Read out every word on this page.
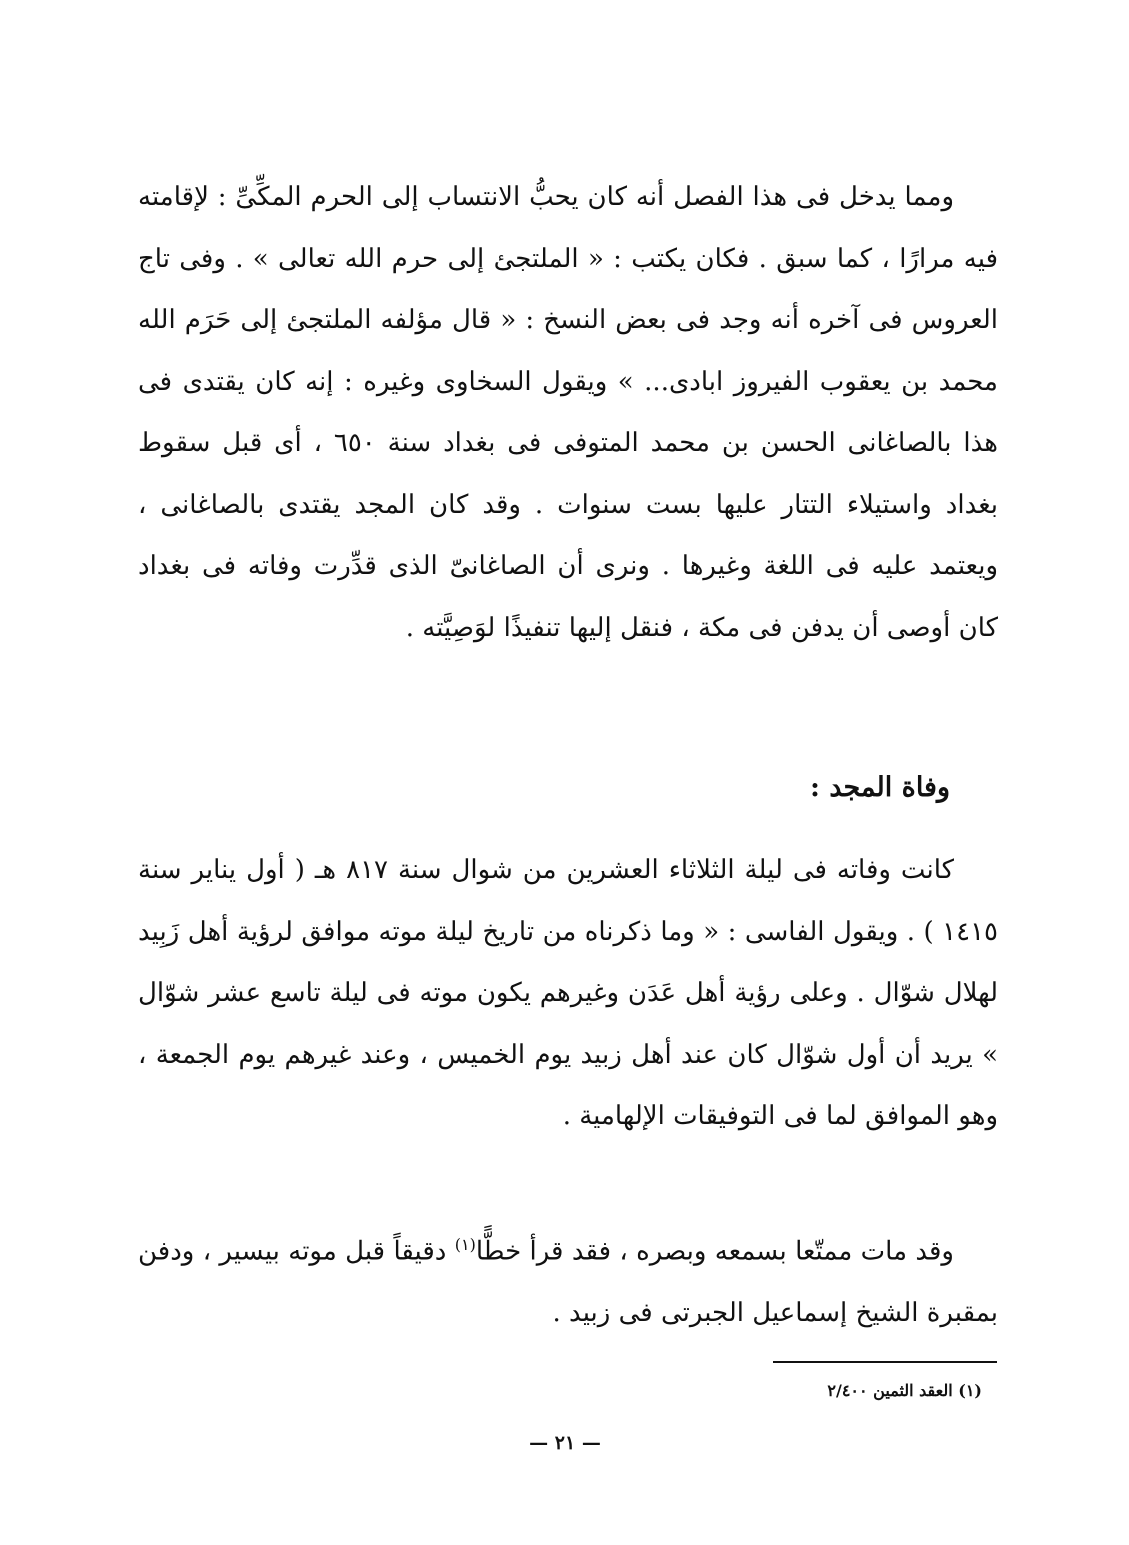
ومما يدخل فى هذا الفصل أنه كان يحبُّ الانتساب إلى الحرم المكِّىِّ : لإقامته فيه مرارًا ، كما سبق . فكان يكتب : « الملتجئ إلى حرم الله تعالى » . وفى تاج العروس فى آخره أنه وجد فى بعض النسخ : « قال مؤلفه الملتجئ إلى حَرَم الله محمد بن يعقوب الفيروز ابادى... » ويقول السخاوى وغيره : إنه كان يقتدى فى هذا بالصاغانى الحسن بن محمد المتوفى فى بغداد سنة ٦٥٠ ، أى قبل سقوط بغداد واستيلاء التتار عليها بست سنوات . وقد كان المجد يقتدى بالصاغانى ، ويعتمد عليه فى اللغة وغيرها . ونرى أن الصاغانىّ الذى قدِّرت وفاته فى بغداد كان أوصى أن يدفن فى مكة ، فنقل إليها تنفيذًا لوَصِيَّته .

وفاة المجد :

كانت وفاته فى ليلة الثلاثاء العشرين من شوال سنة ٨١٧ هـ ( أول يناير سنة ١٤١٥ ) . ويقول الفاسى : « وما ذكرناه من تاريخ ليلة موته موافق لرؤية أهل زَبِيد لهلال شوّال . وعلى رؤية أهل عَدَن وغيرهم يكون موته فى ليلة تاسع عشر شوّال » يريد أن أول شوّال كان عند أهل زبيد يوم الخميس ، وعند غيرهم يوم الجمعة ، وهو الموافق لما فى التوفيقات الإلهامية .

وقد مات ممتّعا بسمعه وبصره ، فقد قرأ خطًّا$^{(١)}$ دقيقاً قبل موته بيسير ، ودفن بمقبرة الشيخ إسماعيل الجبرتى فى زبيد .

(١) العقد الثمين ٢/٤٠٠
— ٢١ —
